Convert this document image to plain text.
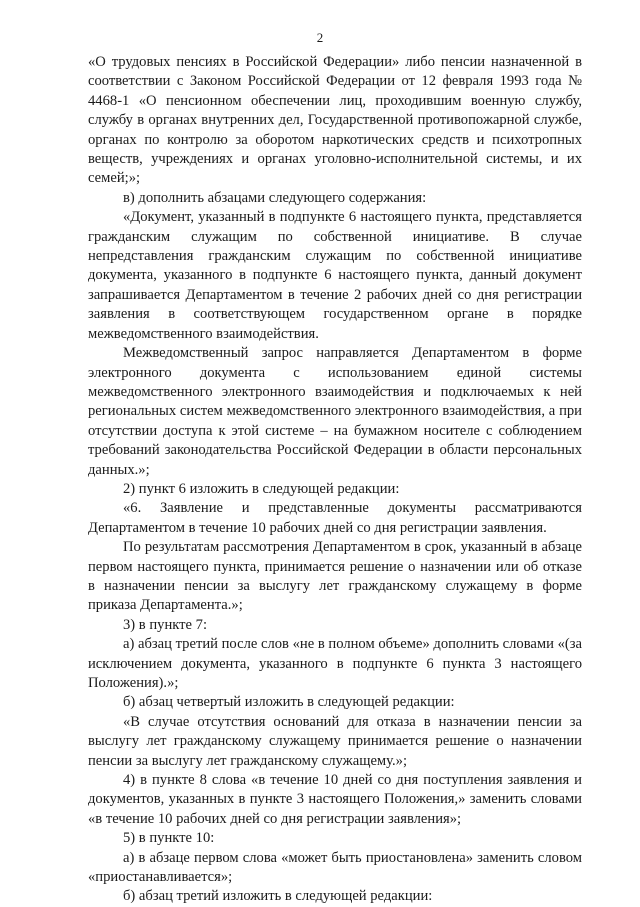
2

«О трудовых пенсиях в Российской Федерации» либо пенсии назначенной в соответствии с Законом Российской Федерации от 12 февраля 1993 года № 4468-1 «О пенсионном обеспечении лиц, проходившим военную службу, службу в органах внутренних дел, Государственной противопожарной службе, органах по контролю за оборотом наркотических средств и психотропных веществ, учреждениях и органах уголовно-исполнительной системы, и их семей;»;

в) дополнить абзацами следующего содержания:

«Документ, указанный в подпункте 6 настоящего пункта, представляется гражданским служащим по собственной инициативе. В случае непредставления гражданским служащим по собственной инициативе документа, указанного в подпункте 6 настоящего пункта, данный документ запрашивается Департаментом в течение 2 рабочих дней со дня регистрации заявления в соответствующем государственном органе в порядке межведомственного взаимодействия.

Межведомственный запрос направляется Департаментом в форме электронного документа с использованием единой системы межведомственного электронного взаимодействия и подключаемых к ней региональных систем межведомственного электронного взаимодействия, а при отсутствии доступа к этой системе – на бумажном носителе с соблюдением требований законодательства Российской Федерации в области персональных данных.»;

2) пункт 6 изложить в следующей редакции:

«6. Заявление и представленные документы рассматриваются Департаментом в течение 10 рабочих дней со дня регистрации заявления.

По результатам рассмотрения Департаментом в срок, указанный в абзаце первом настоящего пункта, принимается решение о назначении или об отказе в назначении пенсии за выслугу лет гражданскому служащему в форме приказа Департамента.»;

3) в пункте 7:

а) абзац третий после слов «не в полном объеме» дополнить словами «(за исключением документа, указанного в подпункте 6 пункта 3 настоящего Положения).»;

б) абзац четвертый изложить в следующей редакции:

«В случае отсутствия оснований для отказа в назначении пенсии за выслугу лет гражданскому служащему принимается решение о назначении пенсии за выслугу лет гражданскому служащему.»;

4) в пункте 8 слова «в течение 10 дней со дня поступления заявления и документов, указанных в пункте 3 настоящего Положения,» заменить словами «в течение 10 рабочих дней со дня регистрации заявления»;

5) в пункте 10:

а) в абзаце первом слова «может быть приостановлена» заменить словом «приостанавливается»;

б) абзац третий изложить в следующей редакции:
